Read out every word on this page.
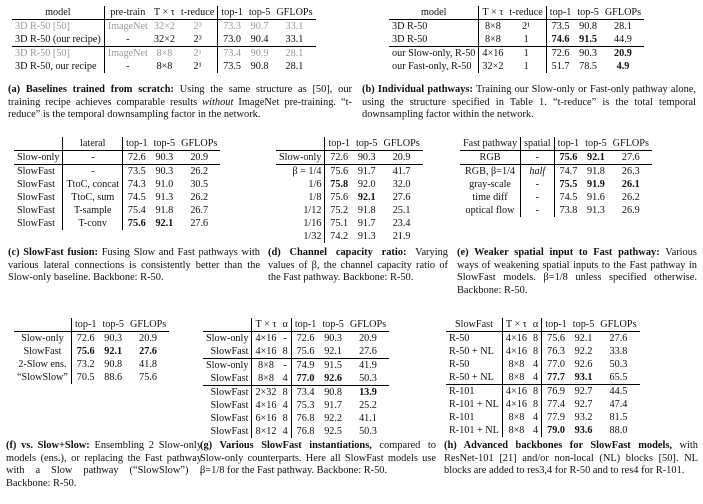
model	pre-train	T × τ	t-reduce	top-1	top-5	GFLOPs
3D R-50 [50]	ImageNet	32×2	2³	73.3	90.7	33.1
3D R-50 (our recipe)	-	32×2	2³	73.0	90.4	33.1
3D R-50 [50]	ImageNet	8×8	2¹	73.4	90.9	28.1
3D R-50, our recipe	-	8×8	2¹	73.5	90.8	28.1
(a) Baselines trained from scratch: Using the same structure as [50], our training recipe achieves comparable results without ImageNet pre-training. “t-reduce” is the temporal downsampling factor in the network.
model	T × τ	t-reduce	top-1	top-5	GFLOPs
3D R-50	8×8	2¹	73.5	90.8	28.1
3D R-50	8×8	1	74.6	91.5	44.9
our Slow-only, R-50	4×16	1	72.6	90.3	20.9
our Fast-only, R-50	32×2	1	51.7	78.5	4.9
(b) Individual pathways: Training our Slow-only or Fast-only pathway alone, using the structure specified in Table 1. “t-reduce” is the total temporal downsampling factor within the network.
	lateral	top-1	top-5	GFLOPs
Slow-only	-	72.6	90.3	20.9
SlowFast	-	73.5	90.3	26.2
SlowFast	TtoC, concat	74.3	91.0	30.5
SlowFast	TtoC, sum	74.5	91.3	26.2
SlowFast	T-sample	75.4	91.8	26.7
SlowFast	T-conv	75.6	92.1	27.6
(c) SlowFast fusion: Fusing Slow and Fast pathways with various lateral connections is consistently better than the Slow-only baseline. Backbone: R-50.
	top-1	top-5	GFLOPs
Slow-only	72.6	90.3	20.9
β = 1/4	75.6	91.7	41.7
1/6	75.8	92.0	32.0
1/8	75.6	92.1	27.6
1/12	75.2	91.8	25.1
1/16	75.1	91.7	23.4
1/32	74.2	91.3	21.9
(d) Channel capacity ratio: Varying values of β, the channel capacity ratio of the Fast pathway. Backbone: R-50.
Fast pathway	spatial	top-1	top-5	GFLOPs
RGB	-	75.6	92.1	27.6
RGB, β=1/4	half	74.7	91.8	26.3
gray-scale	-	75.5	91.9	26.1
time diff	-	74.5	91.6	26.2
optical flow	-	73.8	91.3	26.9
(e) Weaker spatial input to Fast pathway: Various ways of weakening spatial inputs to the Fast pathway in SlowFast models. β=1/8 unless specified otherwise. Backbone: R-50.
	top-1	top-5	GFLOPs
Slow-only	72.6	90.3	20.9
SlowFast	75.6	92.1	27.6
2-Slow ens.	73.2	90.8	41.8
“SlowSlow”	70.5	88.6	75.6
(f) vs. Slow+Slow: Ensembling 2 Slow-only models (ens.), or replacing the Fast pathway with a Slow pathway (“SlowSlow”) . Backbone: R-50.
	T × τ	α	top-1	top-5	GFLOPs
Slow-only	4×16	-	72.6	90.3	20.9
SlowFast	4×16	8	75.6	92.1	27.6
Slow-only	8×8	-	74.9	91.5	41.9
SlowFast	8×8	4	77.0	92.6	50.3
SlowFast	2×32	8	73.4	90.8	13.9
SlowFast	4×16	4	75.3	91.7	25.2
SlowFast	6×16	8	76.8	92.2	41.1
SlowFast	8×12	4	76.8	92.5	50.3
(g) Various SlowFast instantiations, compared to Slow-only counterparts. Here all SlowFast models use β=1/8 for the Fast pathway. Backbone: R-50.
SlowFast	T × τ	α	top-1	top-5	GFLOPs
R-50	4×16	8	75.6	92.1	27.6
R-50 + NL	4×16	8	76.3	92.2	33.8
R-50	8×8	4	77.0	92.6	50.3
R-50 + NL	8×8	4	77.7	93.1	65.5
R-101	4×16	8	76.9	92.7	44.5
R-101 + NL	4×16	8	77.4	92.7	47.4
R-101	8×8	4	77.9	93.2	81.5
R-101 + NL	8×8	4	79.0	93.6	88.0
(h) Advanced backbones for SlowFast models, with ResNet-101 [21] and/or non-local (NL) blocks [50]. NL blocks are added to res3,4 for R-50 and to res4 for R-101.
